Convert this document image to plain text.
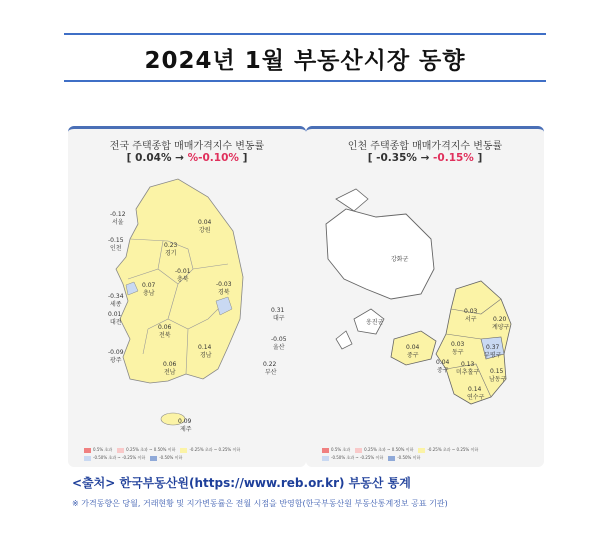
2024년 1월 부동산시장 동향
전국 주택종합 매매가격지수 변동률
[ 0.04% → %-0.10% ]
-0.12
서울
-0.15
인천
0.04
강원
0.23
경기
-0.01
충북
0.07
충남
-0.03
경북
-0.34
세종
0.01
대전
0.31
대구
0.06
전북
-0.05
울산
0.14
경남
-0.09
광주
0.06
전남
0.22
부산
0.09
제주
0.5% 초과	0.25% 초과 ~ 0.50% 이하	-0.25% 초과 ~ 0.25% 이하
-0.50% 초과 ~ -0.25% 이하	-0.50% 이하
인천 주택종합 매매가격지수 변동률
[ -0.35% → -0.15% ]
강화군
0.03
서구	0.20
계양구
옹진군
0.04
중구
0.03
동구
0.37
부평구
0.13
미추홀구
0.04
중구	0.15
남동구
0.14
연수구
0.5% 초과	0.25% 초과 ~ 0.50% 이하	-0.25% 초과 ~ 0.25% 이하
-0.50% 초과 ~ -0.25% 이하	-0.50% 이하
<출처> 한국부동산원(https://www.reb.or.kr) 부동산 통계
※ 가격동향은 당월, 거래현황 및 지가변동률은 전월 시점을 반영함(한국부동산원 부동산통계정보 공표 기관)
